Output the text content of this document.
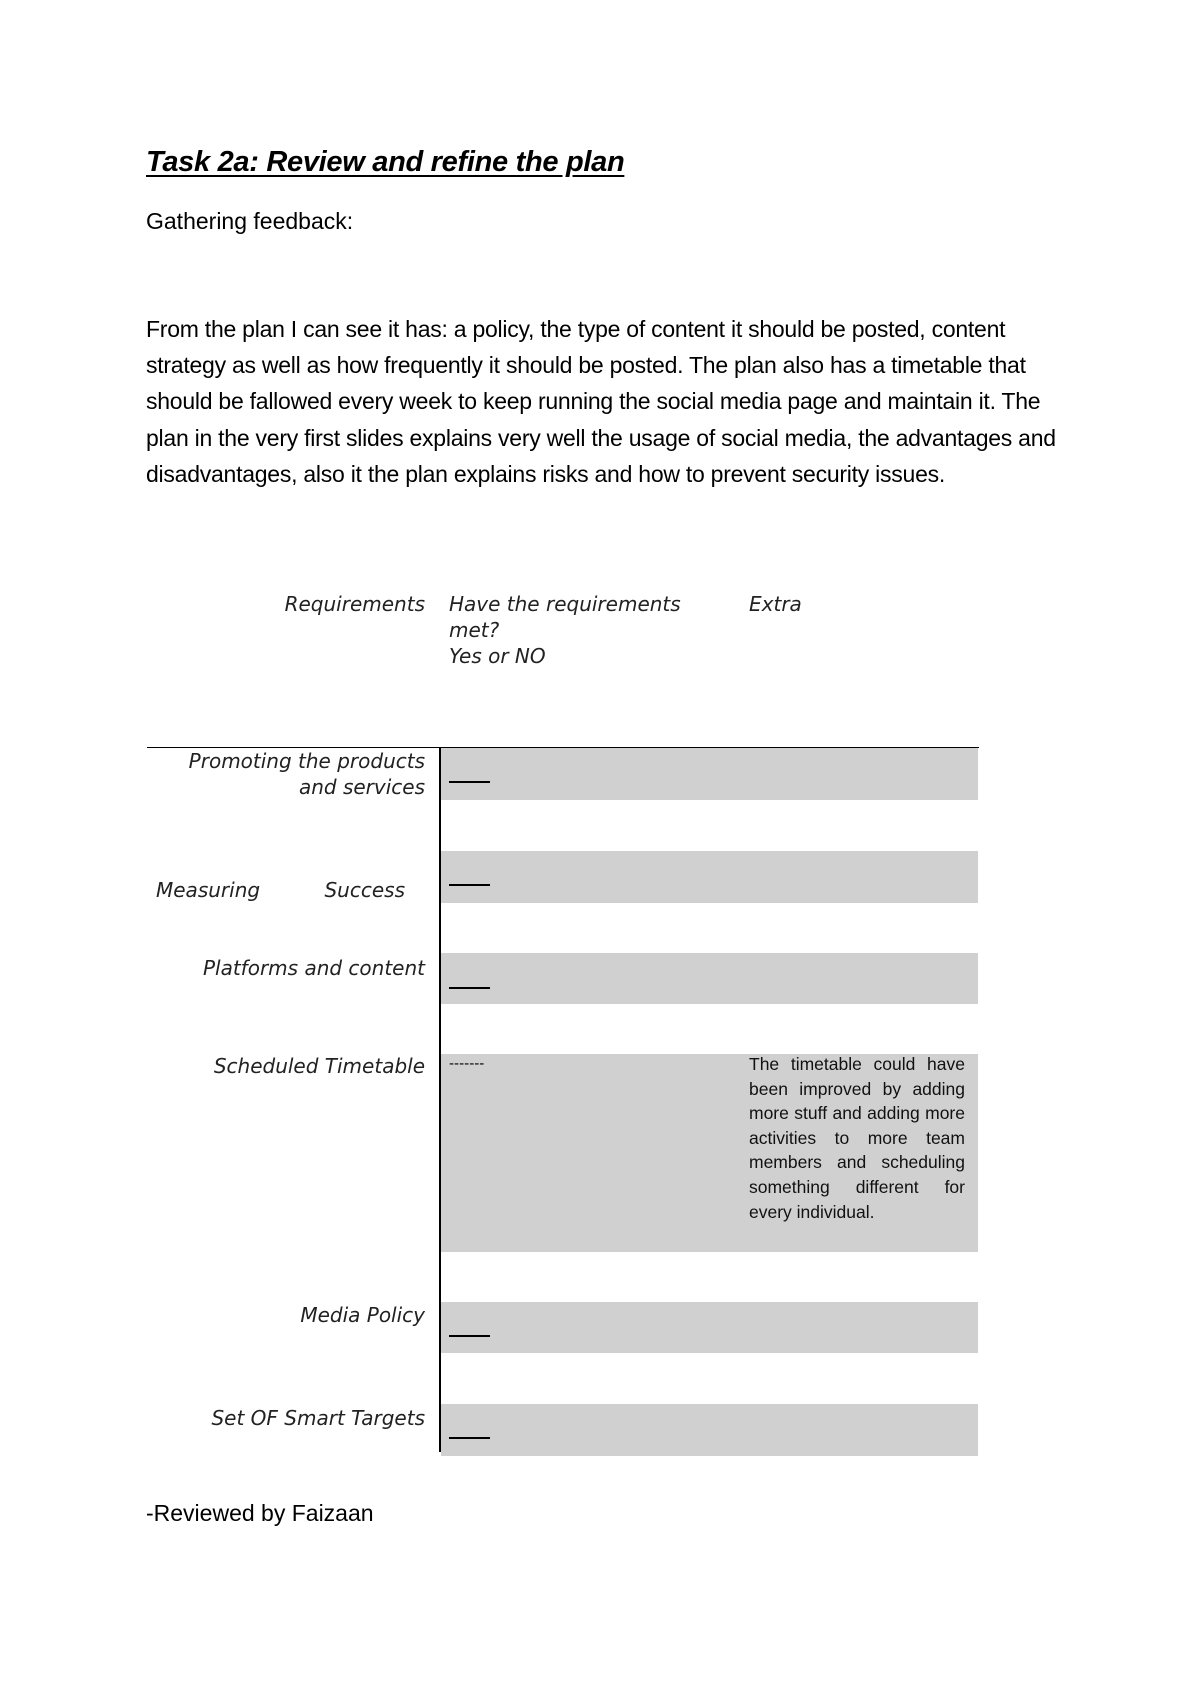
Task 2a: Review and refine the plan
Gathering feedback:
From the plan I can see it has: a policy, the type of content it should be posted, content strategy as well as how frequently it should be posted. The plan also has a timetable that should be fallowed every week to keep running the social media page and maintain it. The plan in the very first slides explains very well the usage of social media, the advantages and disadvantages, also it the plan explains risks and how to prevent security issues.
Requirements Have the requirements
met?
Yes or NO
Extra
Promoting the products
and services
Measuring	Success
Platforms and content
Scheduled Timetable
Media Policy
Set OF Smart Targets
-------	The timetable could have been improved by adding more stuff and adding more activities to more team members and scheduling something different for every individual.
-Reviewed by Faizaan
